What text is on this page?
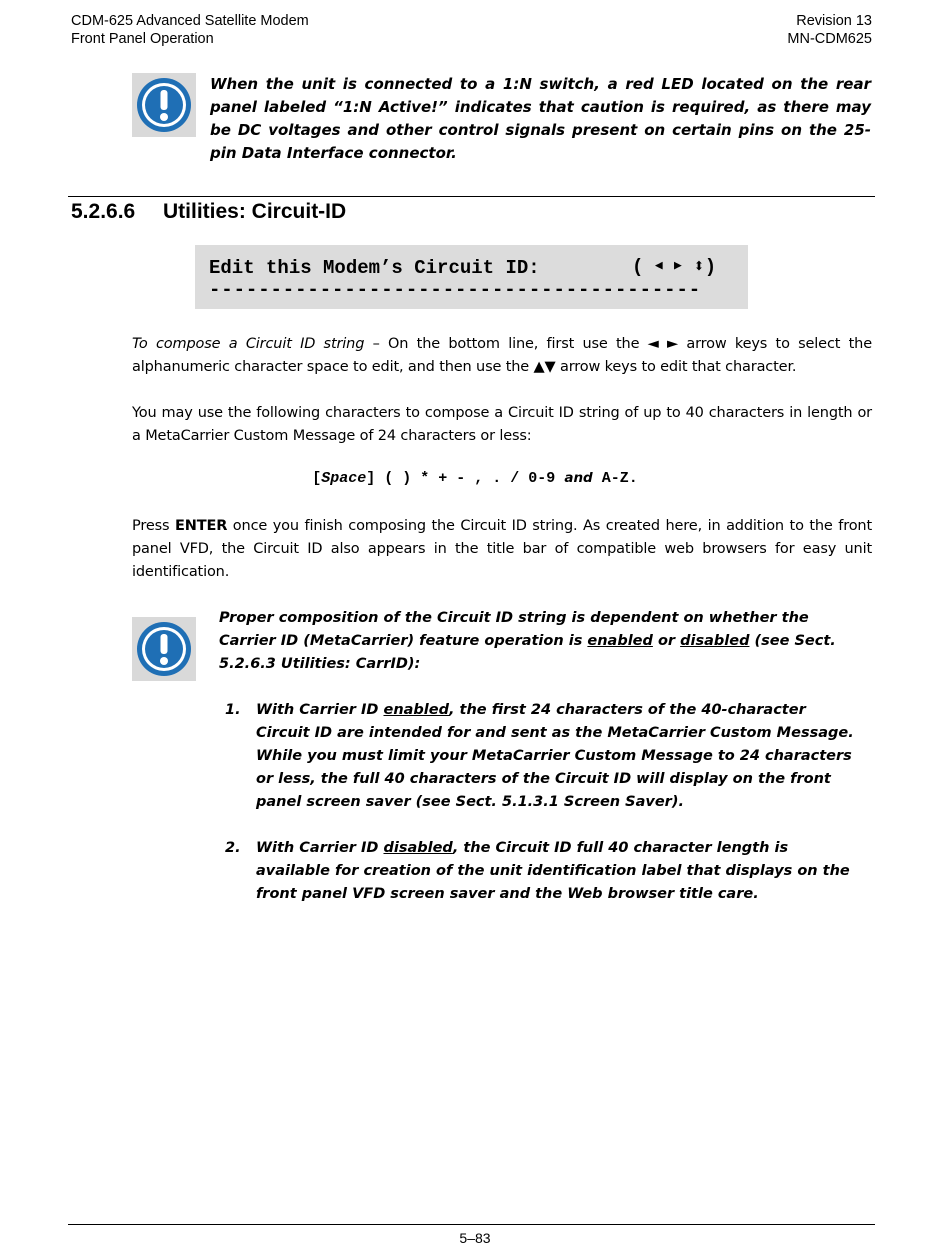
CDM-625 Advanced Satellite Modem
Front Panel Operation
Revision 13
MN-CDM625
When the unit is connected to a 1:N switch, a red LED located on the rear panel labeled “1:N Active!” indicates that caution is required, as there may be DC voltages and other control signals present on certain pins on the 25-pin Data Interface connector.
5.2.6.6 Utilities: Circuit-ID
Edit this Modem’s Circuit ID:	( ◀ ▶ ⬍)
----------------------------------------
To compose a Circuit ID string – On the bottom line, first use the ◄ ► arrow keys to select the alphanumeric character space to edit, and then use the ▲▼ arrow keys to edit that character.
You may use the following characters to compose a Circuit ID string of up to 40 characters in length or a MetaCarrier Custom Message of 24 characters or less:
[Space] ( ) * + - , . / 0-9 and A-Z.
Press ENTER once you finish composing the Circuit ID string. As created here, in addition to the front panel VFD, the Circuit ID also appears in the title bar of compatible web browsers for easy unit identification.
Proper composition of the Circuit ID string is dependent on whether the Carrier ID (MetaCarrier) feature operation is enabled or disabled (see Sect. 5.2.6.3 Utilities: CarrID):
1. With Carrier ID enabled, the first 24 characters of the 40-character Circuit ID are intended for and sent as the MetaCarrier Custom Message. While you must limit your MetaCarrier Custom Message to 24 characters or less, the full 40 characters of the Circuit ID will display on the front panel screen saver (see Sect. 5.1.3.1 Screen Saver).
2. With Carrier ID disabled, the Circuit ID full 40 character length is available for creation of the unit identification label that displays on the front panel VFD screen saver and the Web browser title care.
5–83
